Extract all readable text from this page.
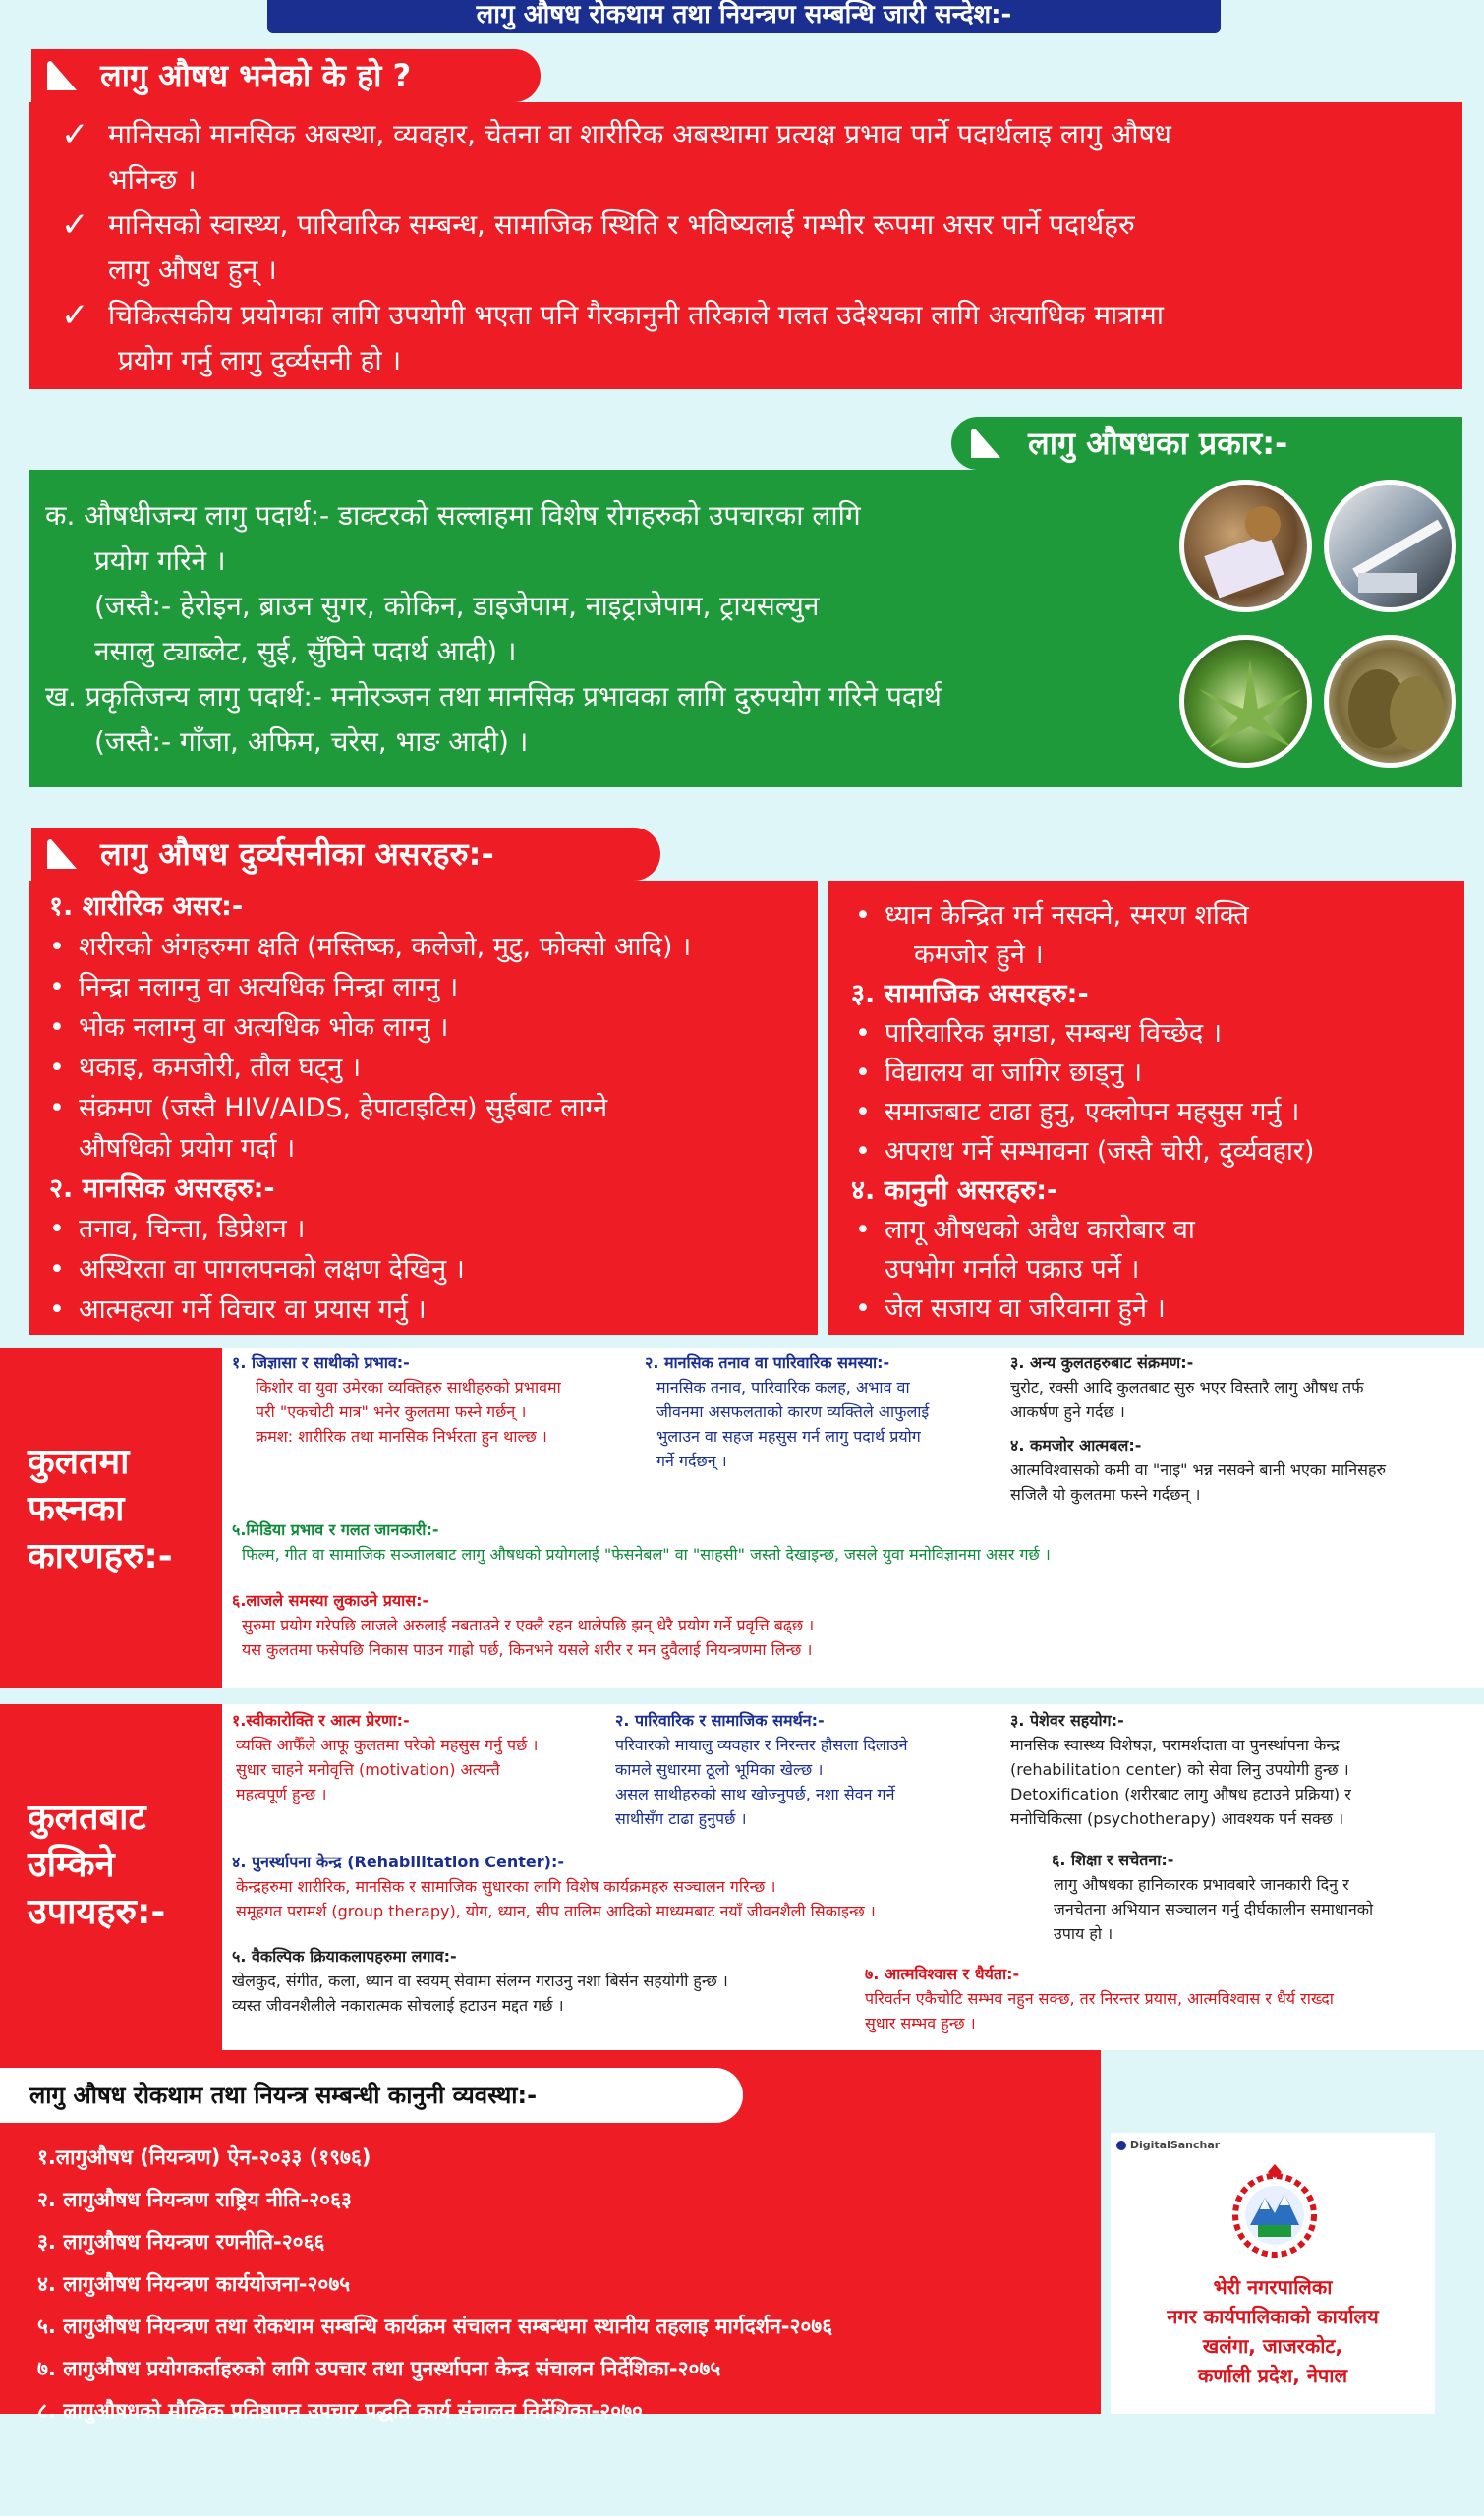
लागु औषध रोकथाम तथा नियन्त्रण सम्बन्धि जारी सन्देश:-
लागु औषध भनेको के हो ?
✓ मानिसको मानसिक अबस्था, व्यवहार, चेतना वा शारीरिक अबस्थामा प्रत्यक्ष प्रभाव पार्ने पदार्थलाइ लागु औषध
भनिन्छ ।
✓ मानिसको स्वास्थ्य, पारिवारिक सम्बन्ध, सामाजिक स्थिति र भविष्यलाई गम्भीर रूपमा असर पार्ने पदार्थहरु
लागु औषध हुन् ।
✓ चिकित्सकीय प्रयोगका लागि उपयोगी भएता पनि गैरकानुनी तरिकाले गलत उदेश्यका लागि अत्याधिक मात्रामा
प्रयोग गर्नु लागु दुर्व्यसनी हो ।
लागु औषधका प्रकार:-
क. औषधीजन्य लागु पदार्थ:- डाक्टरको सल्लाहमा विशेष रोगहरुको उपचारका लागि
प्रयोग गरिने ।
(जस्तै:- हेरोइन, ब्राउन सुगर, कोकिन, डाइजेपाम, नाइट्राजेपाम, ट्रायसल्युन
नसालु ट्याब्लेट, सुई, सुँघिने पदार्थ आदी) ।
ख. प्रकृतिजन्य लागु पदार्थ:- मनोरञ्जन तथा मानसिक प्रभावका लागि दुरुपयोग गरिने पदार्थ
(जस्तै:- गाँजा, अफिम, चरेस, भाङ आदी) ।
लागु औषध दुर्व्यसनीका असरहरु:-
१. शारीरिक असर:-
• शरीरको अंगहरुमा क्षति (मस्तिष्क, कलेजो, मुटु, फोक्सो आदि) ।
• निन्द्रा नलाग्नु वा अत्यधिक निन्द्रा लाग्नु ।
• भोक नलाग्नु वा अत्यधिक भोक लाग्नु ।
• थकाइ, कमजोरी, तौल घट्नु ।
• संक्रमण (जस्तै HIV/AIDS, हेपाटाइटिस) सुईबाट लाग्ने
औषधिको प्रयोग गर्दा ।
२. मानसिक असरहरु:-
• तनाव, चिन्ता, डिप्रेशन ।
• अस्थिरता वा पागलपनको लक्षण देखिनु ।
• आत्महत्या गर्ने विचार वा प्रयास गर्नु ।
• ध्यान केन्द्रित गर्न नसक्ने, स्मरण शक्ति
कमजोर हुने ।
३. सामाजिक असरहरु:-
• पारिवारिक झगडा, सम्बन्ध विच्छेद ।
• विद्यालय वा जागिर छाड्नु ।
• समाजबाट टाढा हुनु, एक्लोपन महसुस गर्नु ।
• अपराध गर्ने सम्भावना (जस्तै चोरी, दुर्व्यवहार)
४. कानुनी असरहरु:-
• लागू औषधको अवैध कारोबार वा
उपभोग गर्नाले पक्राउ पर्ने ।
• जेल सजाय वा जरिवाना हुने ।
कुलतमा
फस्नका
कारणहरु:-
१. जिज्ञासा र साथीको प्रभाव:-
किशोर वा युवा उमेरका व्यक्तिहरु साथीहरुको प्रभावमा
परी "एकचोटी मात्र" भनेर कुलतमा फस्ने गर्छन् ।
क्रमश: शारीरिक तथा मानसिक निर्भरता हुन थाल्छ ।
२. मानसिक तनाव वा पारिवारिक समस्या:-
मानसिक तनाव, पारिवारिक कलह, अभाव वा
जीवनमा असफलताको कारण व्यक्तिले आफुलाई
भुलाउन वा सहज महसुस गर्न लागु पदार्थ प्रयोग
गर्ने गर्दछन् ।
३. अन्य कुलतहरुबाट संक्रमण:-
चुरोट, रक्सी आदि कुलतबाट सुरु भएर विस्तारै लागु औषध तर्फ
आकर्षण हुने गर्दछ ।
४. कमजोर आत्मबल:-
आत्मविश्वासको कमी वा "नाइ" भन्न नसक्ने बानी भएका मानिसहरु
सजिलै यो कुलतमा फस्ने गर्दछन् ।
५.मिडिया प्रभाव र गलत जानकारी:-
फिल्म, गीत वा सामाजिक सञ्जालबाट लागु औषधको प्रयोगलाई "फेसनेबल" वा "साहसी" जस्तो देखाइन्छ, जसले युवा मनोविज्ञानमा असर गर्छ ।
६.लाजले समस्या लुकाउने प्रयास:-
सुरुमा प्रयोग गरेपछि लाजले अरुलाई नबताउने र एक्लै रहन थालेपछि झन् धेरै प्रयोग गर्ने प्रवृत्ति बढ्छ ।
यस कुलतमा फसेपछि निकास पाउन गाह्रो पर्छ, किनभने यसले शरीर र मन दुवैलाई नियन्त्रणमा लिन्छ ।
कुलतबाट
उम्किने
उपायहरु:-
१.स्वीकारोक्ति र आत्म प्रेरणा:-
व्यक्ति आफैँले आफू कुलतमा परेको महसुस गर्नु पर्छ ।
सुधार चाहने मनोवृत्ति (motivation) अत्यन्तै
महत्वपूर्ण हुन्छ ।
२. पारिवारिक र सामाजिक समर्थन:-
परिवारको मायालु व्यवहार र निरन्तर हौसला दिलाउने
कामले सुधारमा ठूलो भूमिका खेल्छ ।
असल साथीहरुको साथ खोज्नुपर्छ, नशा सेवन गर्ने
साथीसँग टाढा हुनुपर्छ ।
३. पेशेवर सहयोग:-
मानसिक स्वास्थ्य विशेषज्ञ, परामर्शदाता वा पुनर्स्थापना केन्द्र
(rehabilitation center) को सेवा लिनु उपयोगी हुन्छ ।
Detoxification (शरीरबाट लागु औषध हटाउने प्रक्रिया) र
मनोचिकित्सा (psychotherapy) आवश्यक पर्न सक्छ ।
४. पुनर्स्थापना केन्द्र (Rehabilitation Center):-
केन्द्रहरुमा शारीरिक, मानसिक र सामाजिक सुधारका लागि विशेष कार्यक्रमहरु सञ्चालन गरिन्छ ।
समूहगत परामर्श (group therapy), योग, ध्यान, सीप तालिम आदिको माध्यमबाट नयाँ जीवनशैली सिकाइन्छ ।
६. शिक्षा र सचेतना:-
लागु औषधका हानिकारक प्रभावबारे जानकारी दिनु र
जनचेतना अभियान सञ्चालन गर्नु दीर्घकालीन समाधानको
उपाय हो ।
५. वैकल्पिक क्रियाकलापहरुमा लगाव:-
खेलकुद, संगीत, कला, ध्यान वा स्वयम् सेवामा संलग्न गराउनु नशा बिर्सन सहयोगी हुन्छ ।
व्यस्त जीवनशैलीले नकारात्मक सोचलाई हटाउन मद्दत गर्छ ।
७. आत्मविश्वास र धैर्यता:-
परिवर्तन एकैचोटि सम्भव नहुन सक्छ, तर निरन्तर प्रयास, आत्मविश्वास र धैर्य राख्दा
सुधार सम्भव हुन्छ ।
लागु औषध रोकथाम तथा नियन्त्र सम्बन्धी कानुनी व्यवस्था:-
१.लागुऔषध (नियन्त्रण) ऐन-२०३३ (१९७६)
२. लागुऔषध नियन्त्रण राष्ट्रिय नीति-२०६३
३. लागुऔषध नियन्त्रण रणनीति-२०६६
४. लागुऔषध नियन्त्रण कार्ययोजना-२०७५
५. लागुऔषध नियन्त्रण तथा रोकथाम सम्बन्धि कार्यक्रम संचालन सम्बन्धमा स्थानीय तहलाइ मार्गदर्शन-२०७६
७. लागुऔषध प्रयोगकर्ताहरुको लागि उपचार तथा पुनर्स्थापना केन्द्र संचालन निर्देशिका-२०७५
८. लागुऔषधको मौखिक प्रतिष्ठापन उपचार पद्धति कार्य संचालन निर्देशिका-२०७०
DigitalSanchar
भेरी नगरपालिका
नगर कार्यपालिकाको कार्यालय
खलंगा, जाजरकोट,
कर्णाली प्रदेश, नेपाल
